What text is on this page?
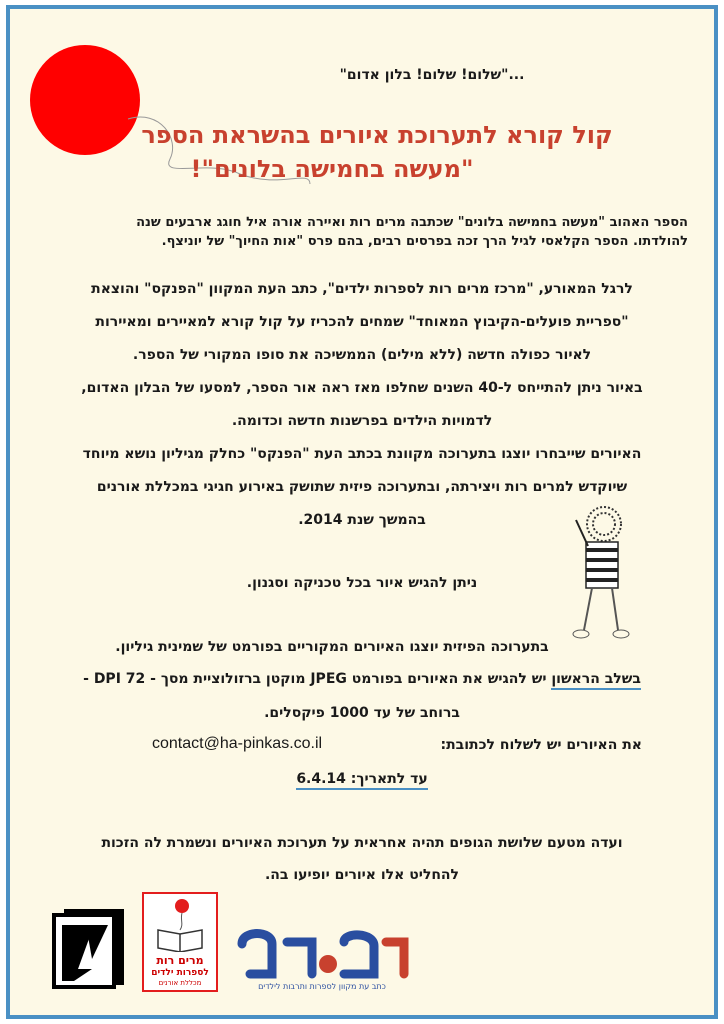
..."שלום! שלום! בלון אדום"
קול קורא לתערוכת איורים בהשראת הספר
"מעשה בחמישה בלונים"!
הספר האהוב "מעשה בחמישה בלונים" שכתבה מרים רות ואיירה אורה איל חוגג ארבעים שנה
להולדתו. הספר הקלאסי לגיל הרך זכה בפרסים רבים, בהם פרס "אות החיוך" של יוניצף.
לרגל המאורע, "מרכז מרים רות לספרות ילדים", כתב העת המקוון "הפנקס" והוצאת
"ספריית פועלים-הקיבוץ המאוחד" שמחים להכריז על קול קורא למאיירים ומאיירות
לאיור כפולה חדשה (ללא מילים) הממשיכה את סופו המקורי של הספר.
באיור ניתן להתייחס ל-40 השנים שחלפו מאז ראה אור הספר, למסעו של הבלון האדום,
לדמויות הילדים בפרשנות חדשה וכדומה.
האיורים שייבחרו יוצגו בתערוכה מקוונת בכתב העת "הפנקס" כחלק מגיליון נושא מיוחד
שיוקדש למרים רות ויצירתה, ובתערוכה פיזית שתושק באירוע חגיגי במכללת אורנים
בהמשך שנת 2014.
ניתן להגיש איור בכל טכניקה וסגנון.
בתערוכה הפיזית יוצגו האיורים המקוריים בפורמט של שמינית גיליון.
בשלב הראשון יש להגיש את האיורים בפורמט JPEG מוקטן ברזולוציית מסך - DPI 72 -
ברוחב של עד 1000 פיקסלים.
את האיורים יש לשלוח לכתובת:
contact@ha-pinkas.co.il
עד לתאריך: 6.4.14
ועדה מטעם שלושת הגופים תהיה אחראית על תערוכת האיורים ונשמרת לה הזכות
להחליט אלו איורים יופיעו בה.
מרים רות
לספרות ילדים
מכללת אורנים	כתב עת מקוון לספרות ותרבות לילדים
